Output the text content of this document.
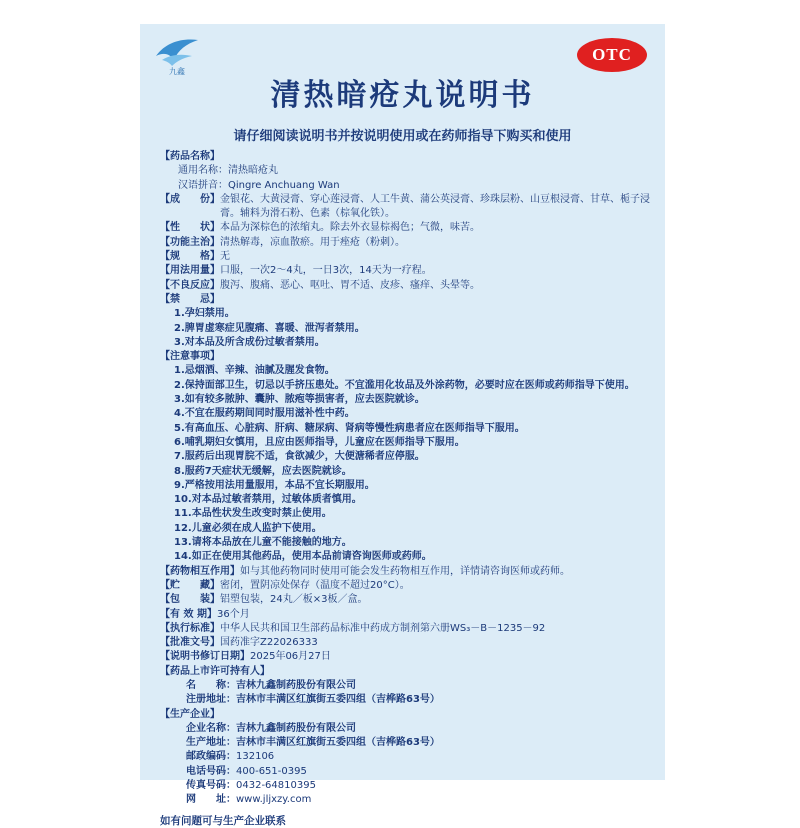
九鑫
OTC
清热暗疮丸说明书
请仔细阅读说明书并按说明使用或在药师指导下购买和使用
【药品名称】
通用名称： 清热暗疮丸
汉语拼音： Qingre Anchuang Wan
【成　　份】 金银花、大黄浸膏、穿心莲浸膏、人工牛黄、蒲公英浸膏、珍珠层粉、山豆根浸膏、甘草、栀子浸膏。辅料为滑石粉、色素（棕氧化铁）。
【性　　状】 本品为深棕色的浓缩丸。除去外衣显棕褐色；气微，味苦。
【功能主治】 清热解毒，凉血散瘀。用于痤疮（粉刺）。
【规　　格】 无
【用法用量】 口服，一次2～4丸，一日3次，14天为一疗程。
【不良反应】 腹泻、腹痛、恶心、呕吐、胃不适、皮疹、瘙痒、头晕等。
【禁　　忌】
1.孕妇禁用。
2.脾胃虚寒症见腹痛、喜暖、泄泻者禁用。
3.对本品及所含成份过敏者禁用。
【注意事项】
1.忌烟酒、辛辣、油腻及腥发食物。
2.保持面部卫生，切忌以手挤压患处。不宜滥用化妆品及外涂药物，必要时应在医师或药师指导下使用。
3.如有较多脓肿、囊肿、脓疱等损害者，应去医院就诊。
4.不宜在服药期间同时服用滋补性中药。
5.有高血压、心脏病、肝病、糖尿病、肾病等慢性病患者应在医师指导下服用。
6.哺乳期妇女慎用，且应由医师指导，儿童应在医师指导下服用。
7.服药后出现胃脘不适，食欲减少，大便溏稀者应停服。
8.服药7天症状无缓解，应去医院就诊。
9.严格按用法用量服用，本品不宜长期服用。
10.对本品过敏者禁用，过敏体质者慎用。
11.本品性状发生改变时禁止使用。
12.儿童必须在成人监护下使用。
13.请将本品放在儿童不能接触的地方。
14.如正在使用其他药品，使用本品前请咨询医师或药师。
【药物相互作用】 如与其他药物同时使用可能会发生药物相互作用，详情请咨询医师或药师。
【贮　　藏】 密闭，置阴凉处保存（温度不超过20°C）。
【包　　装】 铝塑包装，24丸／板×3板／盒。
【有 效 期】 36个月
【执行标准】 中华人民共和国卫生部药品标准中药成方制剂第六册WS₃－B－1235－92
【批准文号】 国药准字Z22026333
【说明书修订日期】 2025年06月27日
【药品上市许可持有人】
名　　称： 吉林九鑫制药股份有限公司
注册地址： 吉林市丰满区红旗街五委四组（吉桦路63号）
【生产企业】
企业名称： 吉林九鑫制药股份有限公司
生产地址： 吉林市丰满区红旗街五委四组（吉桦路63号）
邮政编码： 132106
电话号码： 400-651-0395
传真号码： 0432-64810395
网　　址： www.jljxzy.com
如有问题可与生产企业联系
